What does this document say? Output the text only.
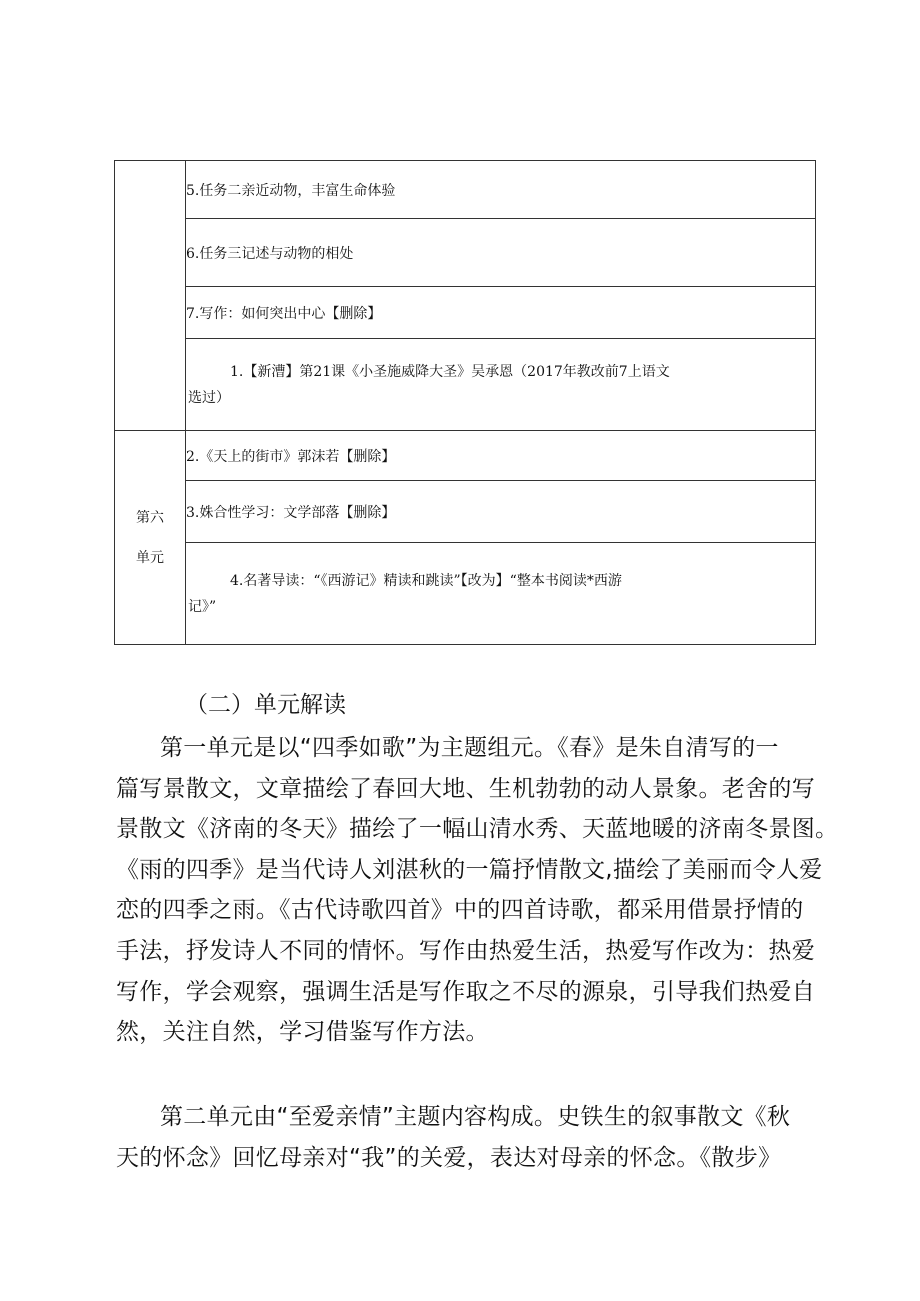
	5.任务二亲近动物，丰富生命体验
	6.任务三记述与动物的相处
	7.写作：如何突出中心【删除】

	1.【新漕】第21课《小圣施威降大圣》吴承恩（2017年教改前7上语文
选过）

第六
单元	2.《天上的街市》郭沫若【删除】
	3.姝合性学习：文学部落【删除】

	4.名著导读：“《西游记》精读和跳读”【改为】“整本书阅读*西游
记》”
（二）单元解读
第一单元是以“四季如歌”为主题组元。《春》是朱自清写的一
篇写景散文，文章描绘了春回大地、生机勃勃的动人景象。老舍的写
景散文《济南的冬天》描绘了一幅山清水秀、天蓝地暖的济南冬景图。
《雨的四季》是当代诗人刘湛秋的一篇抒情散文,描绘了美丽而令人爱
恋的四季之雨。《古代诗歌四首》中的四首诗歌，都采用借景抒情的
手法，抒发诗人不同的情怀。写作由热爱生活，热爱写作改为：热爱
写作，学会观察，强调生活是写作取之不尽的源泉，引导我们热爱自
然，关注自然，学习借鉴写作方法。
第二单元由“至爱亲情”主题内容构成。史铁生的叙事散文《秋
天的怀念》回忆母亲对“我”的关爱，表达对母亲的怀念。《散步》
